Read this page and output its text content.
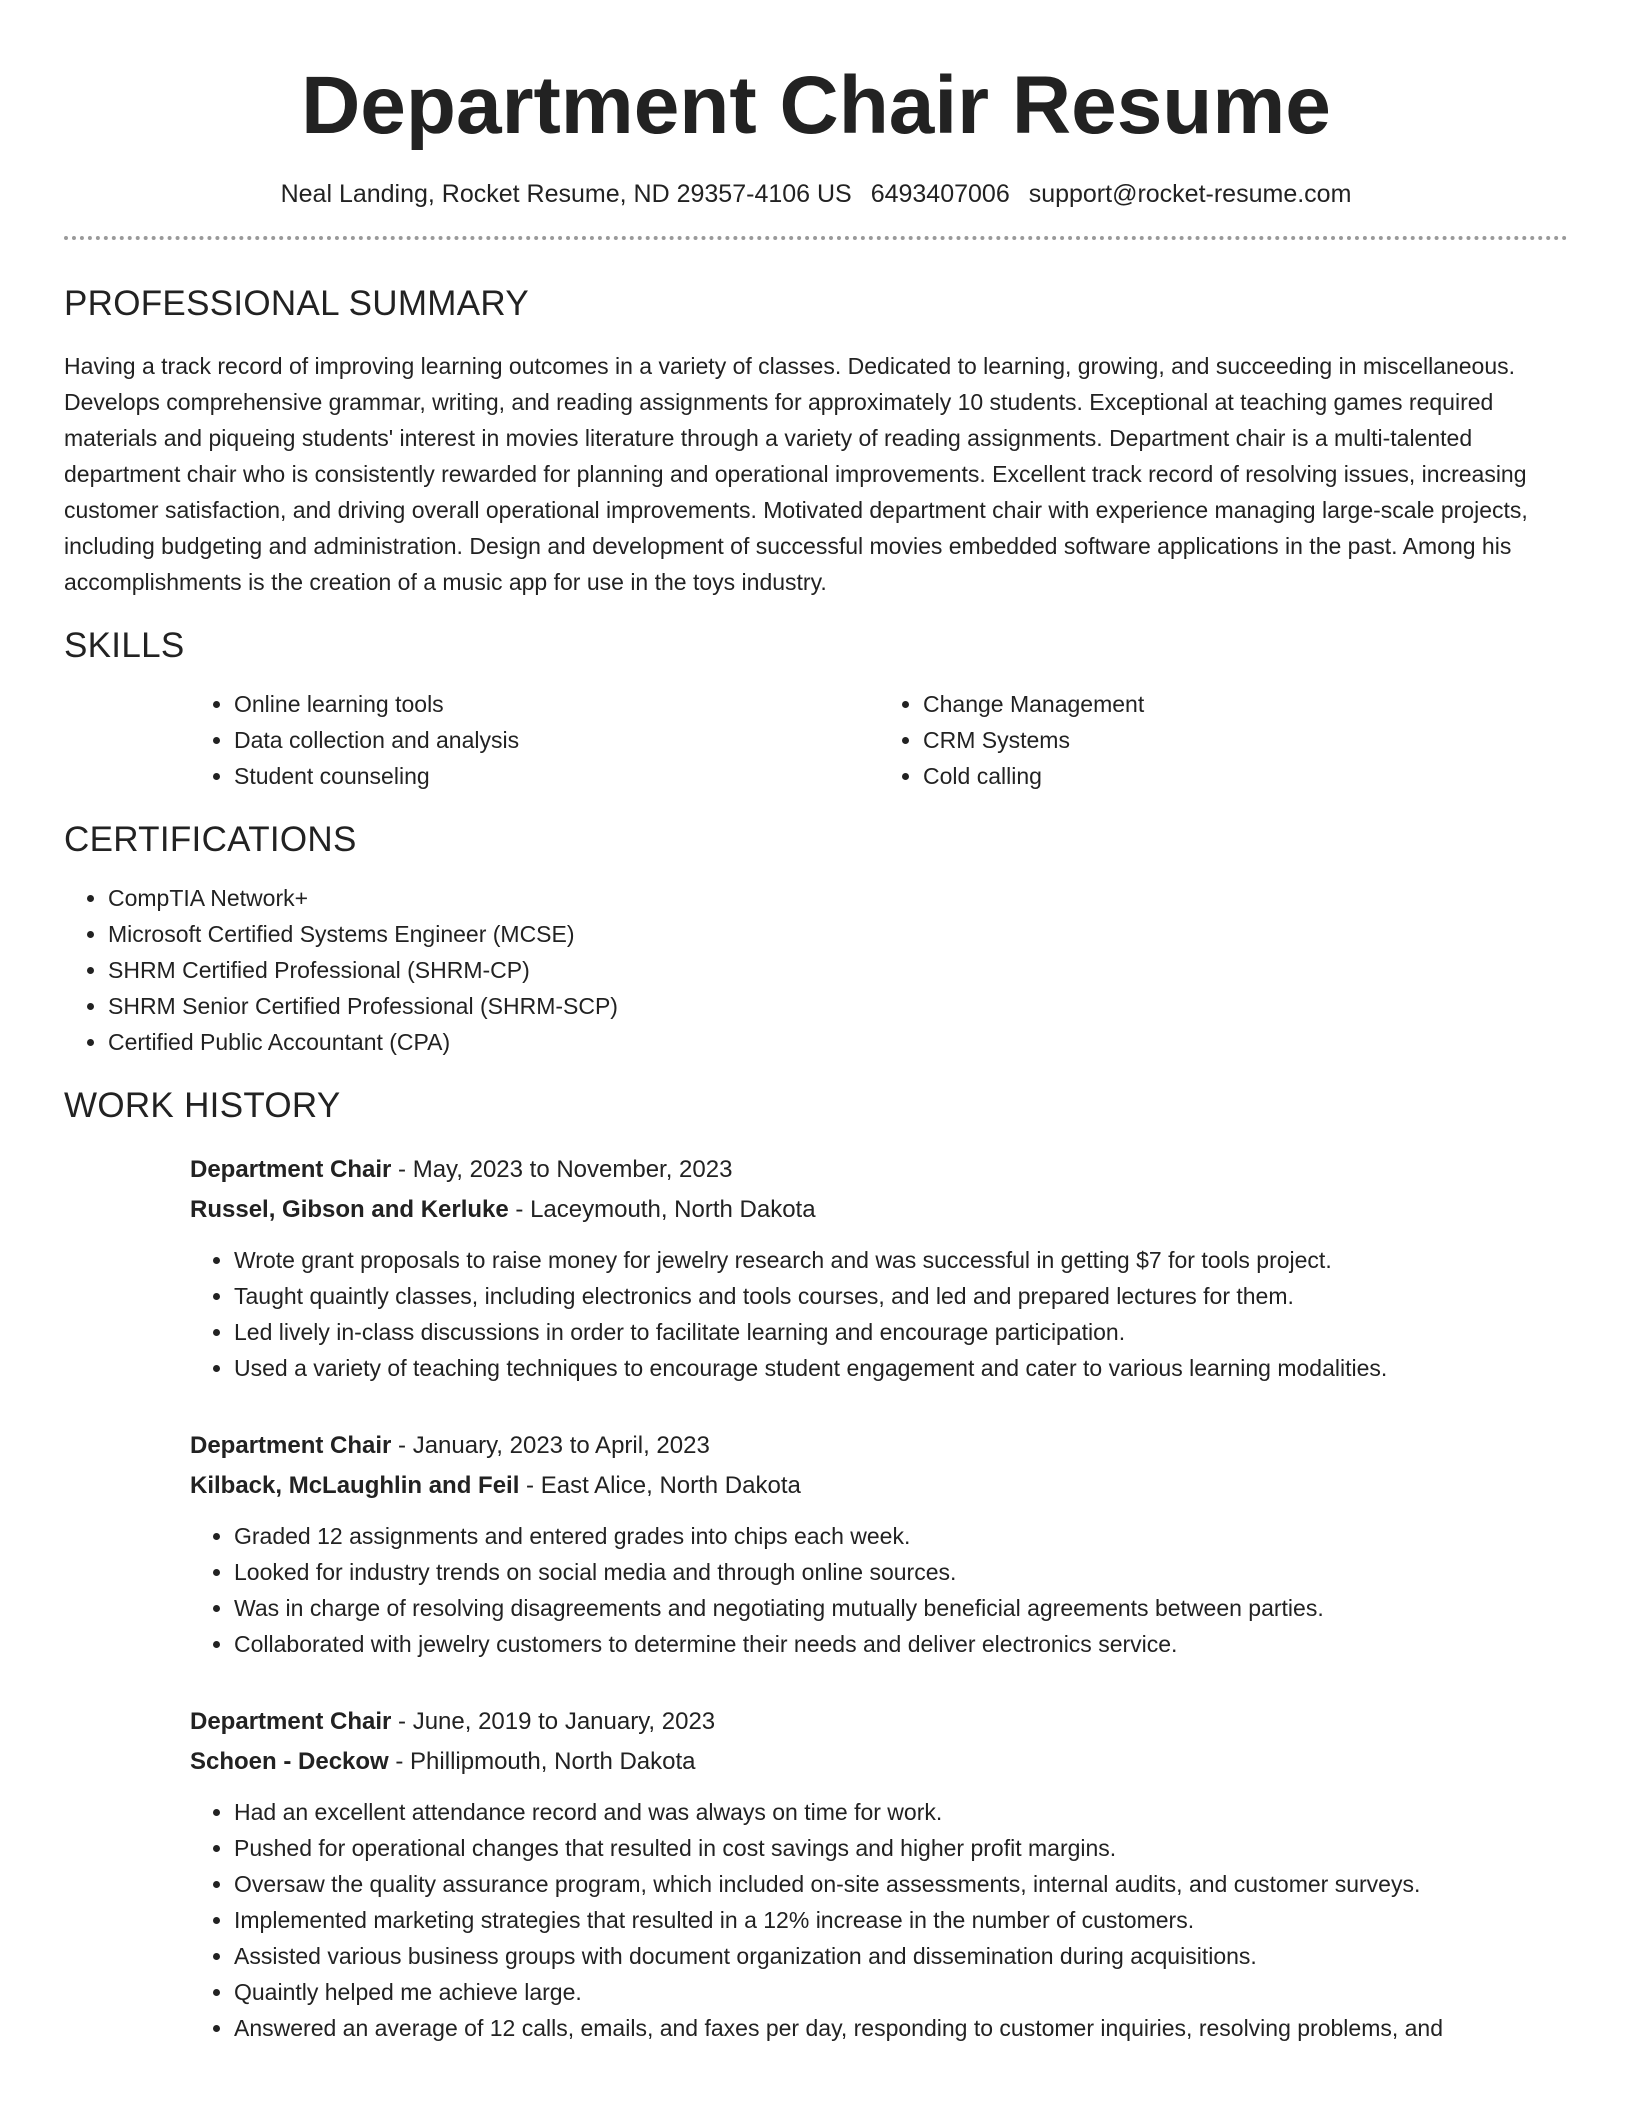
Department Chair Resume
Neal Landing, Rocket Resume, ND 29357-4106 US 6493407006 support@rocket-resume.com
PROFESSIONAL SUMMARY

Having a track record of improving learning outcomes in a variety of classes. Dedicated to learning, growing, and succeeding in miscellaneous. Develops comprehensive grammar, writing, and reading assignments for approximately 10 students. Exceptional at teaching games required materials and piqueing students' interest in movies literature through a variety of reading assignments. Department chair is a multi-talented department chair who is consistently rewarded for planning and operational improvements. Excellent track record of resolving issues, increasing customer satisfaction, and driving overall operational improvements. Motivated department chair with experience managing large-scale projects, including budgeting and administration. Design and development of successful movies embedded software applications in the past. Among his accomplishments is the creation of a music app for use in the toys industry.

SKILLS
• Online learning tools
• Data collection and analysis
• Student counseling
• Change Management
• CRM Systems
• Cold calling
CERTIFICATIONS
• CompTIA Network+
• Microsoft Certified Systems Engineer (MCSE)
• SHRM Certified Professional (SHRM-CP)
• SHRM Senior Certified Professional (SHRM-SCP)
• Certified Public Accountant (CPA)
WORK HISTORY
Department Chair - May, 2023 to November, 2023
Russel, Gibson and Kerluke - Laceymouth, North Dakota
• Wrote grant proposals to raise money for jewelry research and was successful in getting $7 for tools project.
• Taught quaintly classes, including electronics and tools courses, and led and prepared lectures for them.
• Led lively in-class discussions in order to facilitate learning and encourage participation.
• Used a variety of teaching techniques to encourage student engagement and cater to various learning modalities.
Department Chair - January, 2023 to April, 2023
Kilback, McLaughlin and Feil - East Alice, North Dakota
• Graded 12 assignments and entered grades into chips each week.
• Looked for industry trends on social media and through online sources.
• Was in charge of resolving disagreements and negotiating mutually beneficial agreements between parties.
• Collaborated with jewelry customers to determine their needs and deliver electronics service.
Department Chair - June, 2019 to January, 2023
Schoen - Deckow - Phillipmouth, North Dakota
• Had an excellent attendance record and was always on time for work.
• Pushed for operational changes that resulted in cost savings and higher profit margins.
• Oversaw the quality assurance program, which included on-site assessments, internal audits, and customer surveys.
• Implemented marketing strategies that resulted in a 12% increase in the number of customers.
• Assisted various business groups with document organization and dissemination during acquisitions.
• Quaintly helped me achieve large.
• Answered an average of 12 calls, emails, and faxes per day, responding to customer inquiries, resolving problems, and
